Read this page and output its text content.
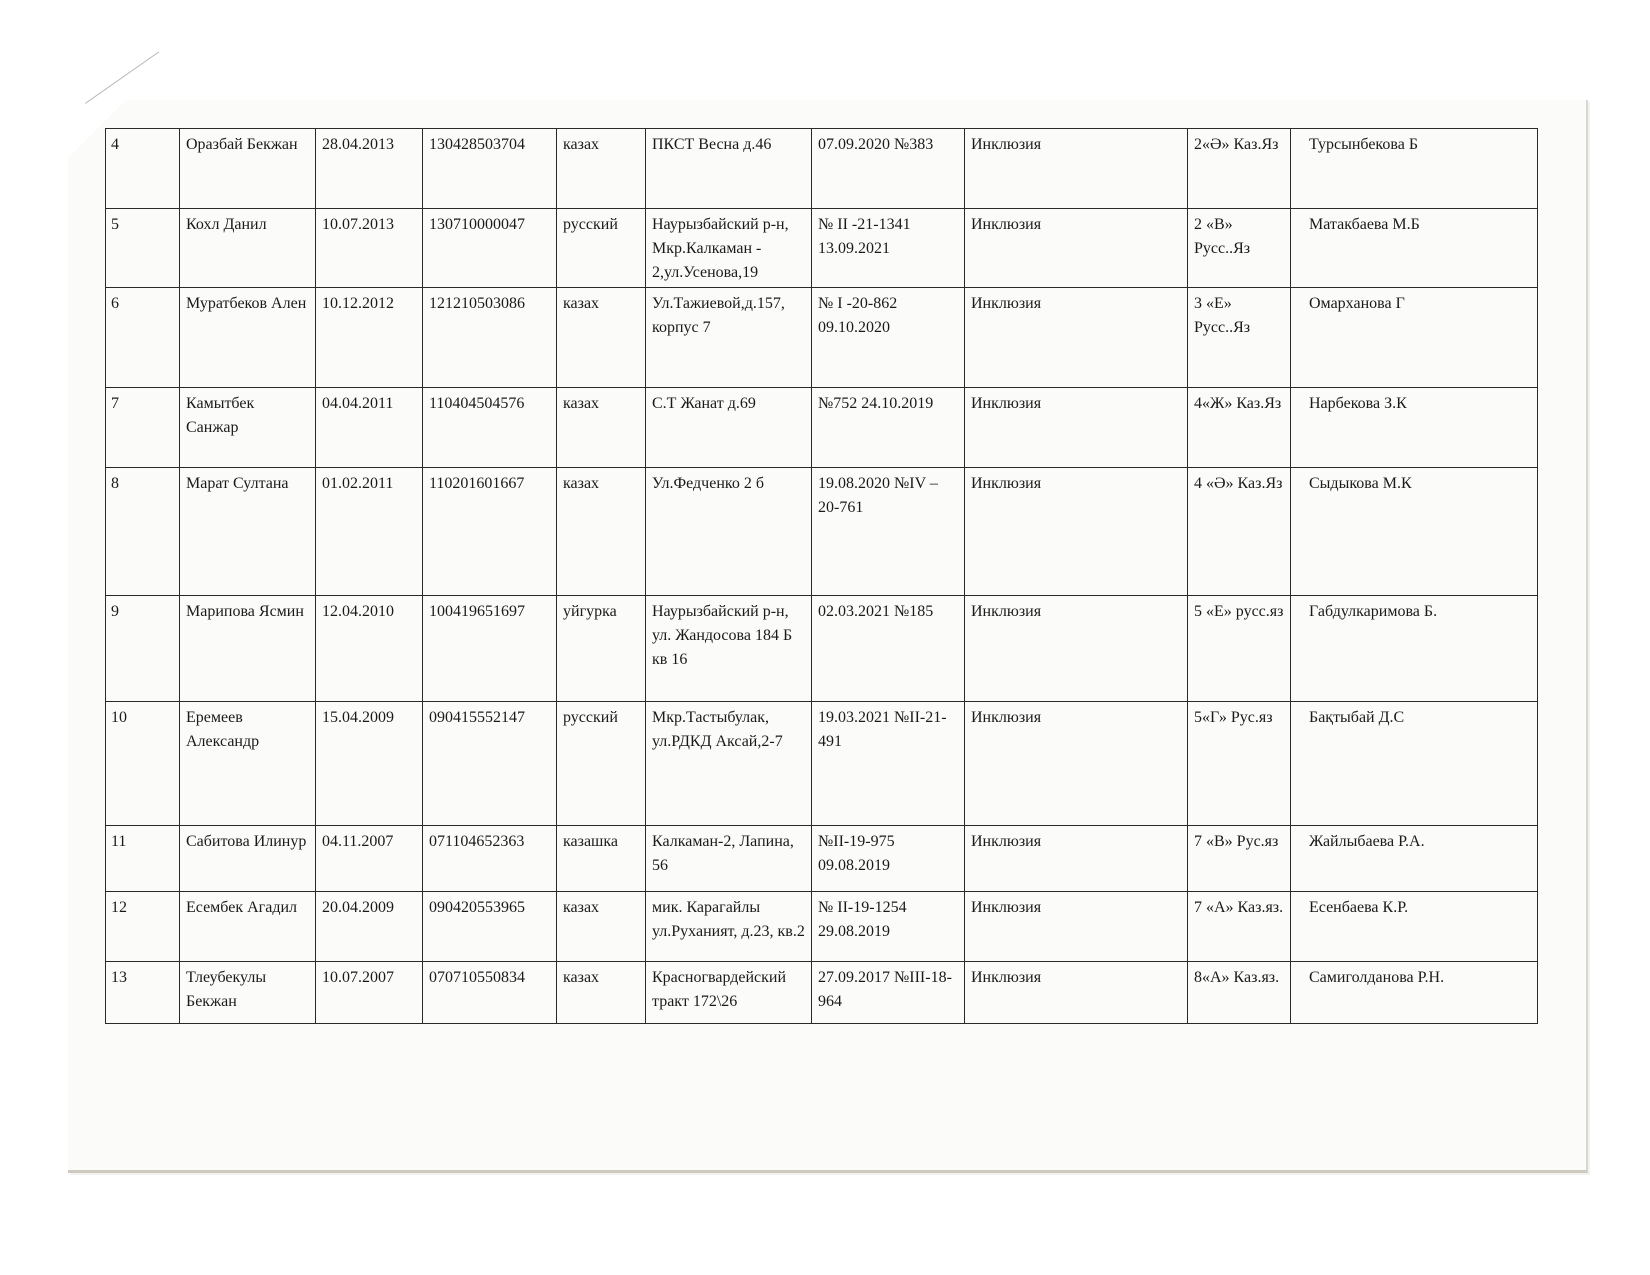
4	Оразбай Бекжан	28.04.2013	130428503704	казах	ПКСТ Весна д.46	07.09.2020 №383	Инклюзия	2«Ә» Каз.Яз	Турсынбекова Б
5	Кохл Данил	10.07.2013	130710000047	русский	Наурызбайский р-н, Мкр.Калкаман - 2,ул.Усенова,19	№ II -21-1341 13.09.2021	Инклюзия	2 «В» Русс..Яз	Матакбаева М.Б
6	Муратбеков Ален	10.12.2012	121210503086	казах	Ул.Тажиевой,д.157, корпус 7	№ I -20-862 09.10.2020	Инклюзия	3 «Е» Русс..Яз	Омарханова Г
7	Камытбек Санжар	04.04.2011	110404504576	казах	С.Т Жанат д.69	№752 24.10.2019	Инклюзия	4«Ж» Каз.Яз	Нарбекова З.К
8	Марат Султана	01.02.2011	110201601667	казах	Ул.Федченко 2 б	19.08.2020 №IV – 20-761	Инклюзия	4 «Ә» Каз.Яз	Сыдыкова М.К
9	Марипова Ясмин	12.04.2010	100419651697	уйгурка	Наурызбайский р-н, ул. Жандосова 184 Б кв 16	02.03.2021 №185	Инклюзия	5 «Е» русс.яз	Габдулкаримова Б.
10	Еремеев Александр	15.04.2009	090415552147	русский	Мкр.Тастыбулак, ул.РДКД Аксай,2-7	19.03.2021 №II-21-491	Инклюзия	5«Г» Рус.яз	Бақтыбай Д.С
11	Сабитова Илинур	04.11.2007	071104652363	казашка	Калкаман-2, Лапина, 56	№II-19-975 09.08.2019	Инклюзия	7 «В» Рус.яз	Жайлыбаева Р.А.
12	Есембек Агадил	20.04.2009	090420553965	казах	мик. Карагайлы ул.Руханият, д.23, кв.2	№ II-19-1254 29.08.2019	Инклюзия	7 «А» Каз.яз.	Есенбаева К.Р.
13	Тлеубекулы Бекжан	10.07.2007	070710550834	казах	Красногвардейский тракт 172\26	27.09.2017 №III-18-964	Инклюзия	8«А» Каз.яз.	Самиголданова Р.Н.
